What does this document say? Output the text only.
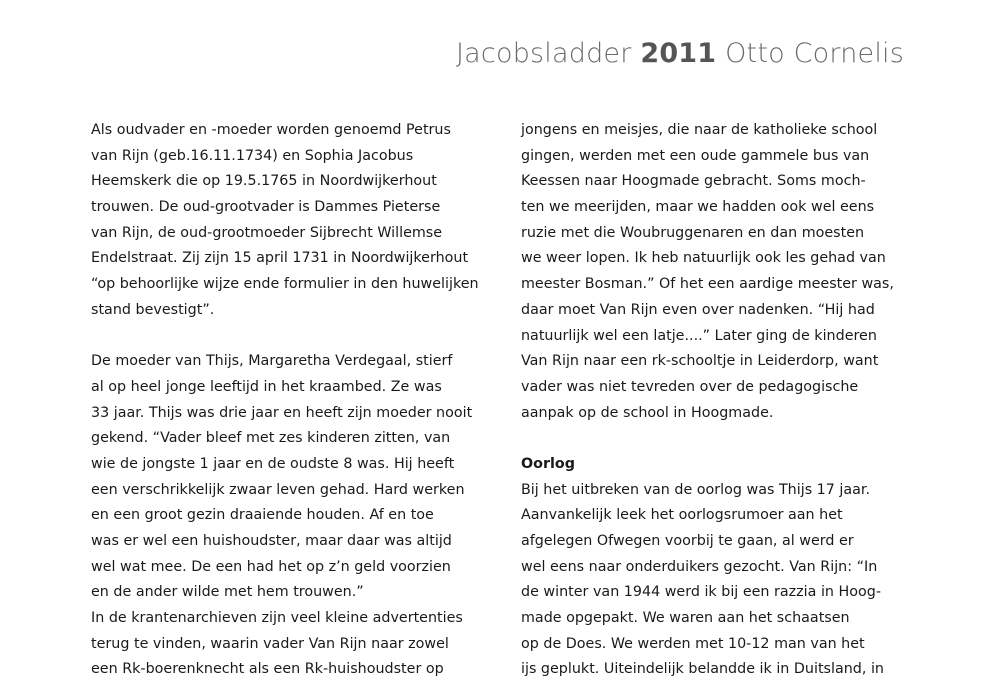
Jacobsladder 2011 Otto Cornelis
Als oudvader en -moeder worden genoemd Petrus
van Rijn (geb.16.11.1734) en Sophia Jacobus
Heemskerk die op 19.5.1765 in Noordwijkerhout
trouwen. De oud-grootvader is Dammes Pieterse
van Rijn, de oud-grootmoeder Sijbrecht Willemse
Endelstraat. Zij zijn 15 april 1731 in Noordwijkerhout
“op behoorlijke wijze ende formulier in den huwelijken
stand bevestigt”.
De moeder van Thijs, Margaretha Verdegaal, stierf
al op heel jonge leeftijd in het kraambed. Ze was
33 jaar. Thijs was drie jaar en heeft zijn moeder nooit
gekend. “Vader bleef met zes kinderen zitten, van
wie de jongste 1 jaar en de oudste 8 was. Hij heeft
een verschrikkelijk zwaar leven gehad. Hard werken
en een groot gezin draaiende houden. Af en toe
was er wel een huishoudster, maar daar was altijd
wel wat mee. De een had het op z’n geld voorzien
en de ander wilde met hem trouwen.”
In de krantenarchieven zijn veel kleine advertenties
terug te vinden, waarin vader Van Rijn naar zowel
een Rk-boerenknecht als een Rk-huishoudster op
jongens en meisjes, die naar de katholieke school
gingen, werden met een oude gammele bus van
Keessen naar Hoogmade gebracht. Soms moch-
ten we meerijden, maar we hadden ook wel eens
ruzie met die Woubruggenaren en dan moesten
we weer lopen. Ik heb natuurlijk ook les gehad van
meester Bosman.” Of het een aardige meester was,
daar moet Van Rijn even over nadenken. “Hij had
natuurlijk wel een latje....” Later ging de kinderen
Van Rijn naar een rk-schooltje in Leiderdorp, want
vader was niet tevreden over de pedagogische
aanpak op de school in Hoogmade.
Oorlog
Bij het uitbreken van de oorlog was Thijs 17 jaar.
Aanvankelijk leek het oorlogsrumoer aan het
afgelegen Ofwegen voorbij te gaan, al werd er
wel eens naar onderduikers gezocht. Van Rijn: “In
de winter van 1944 werd ik bij een razzia in Hoog-
made opgepakt. We waren aan het schaatsen
op de Does. We werden met 10-12 man van het
ijs geplukt. Uiteindelijk belandde ik in Duitsland, in
